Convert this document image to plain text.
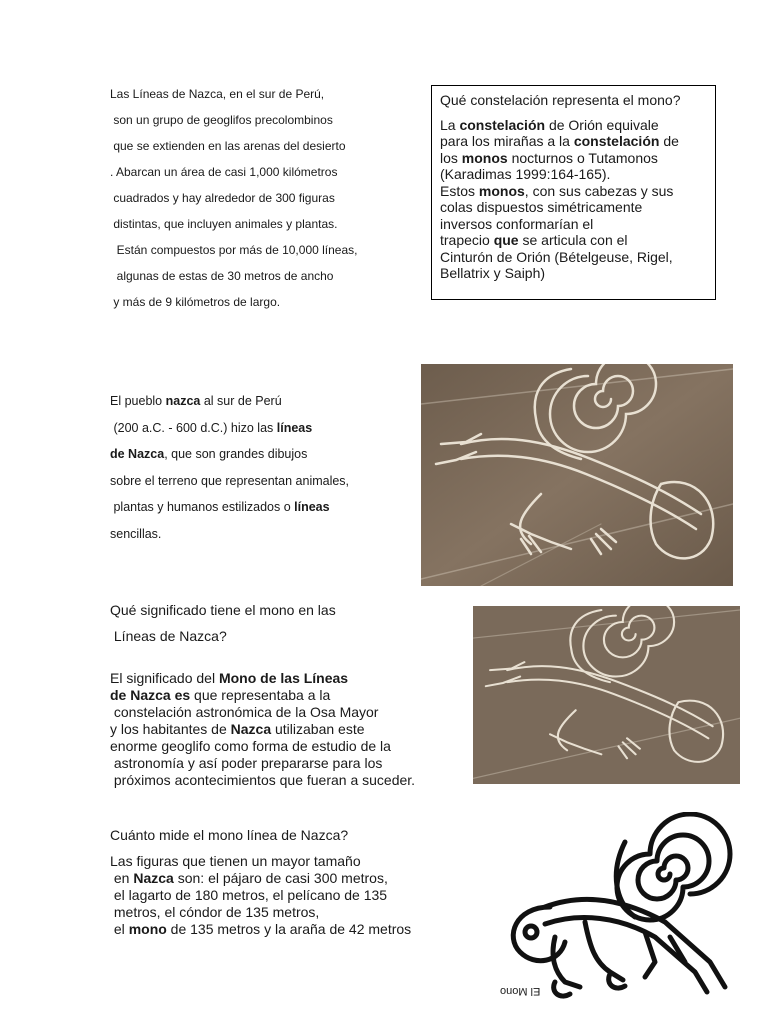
Las Líneas de Nazca, en el sur de Perú,
son un grupo de geoglifos precolombinos
que se extienden en las arenas del desierto
. Abarcan un área de casi 1,000 kilómetros
cuadrados y hay alrededor de 300 figuras
distintas, que incluyen animales y plantas.
Están compuestos por más de 10,000 líneas,
algunas de estas de 30 metros de ancho
y más de 9 kilómetros de largo.
Qué constelación representa el mono?
La constelación de Orión equivale
para los mirañas a la constelación de
los monos nocturnos o Tutamonos
(Karadimas 1999:164-165).
Estos monos, con sus cabezas y sus
colas dispuestos simétricamente
inversos conformarían el
trapecio que se articula con el
Cinturón de Orión (Bételgeuse, Rigel,
Bellatrix y Saiph)
El pueblo nazca al sur de Perú
(200 a.C. - 600 d.C.) hizo las líneas
de Nazca, que son grandes dibujos
sobre el terreno que representan animales,
plantas y humanos estilizados o líneas
sencillas.
Qué significado tiene el mono en las
Líneas de Nazca?
El significado del Mono de las Líneas
de Nazca es que representaba a la
constelación astronómica de la Osa Mayor
y los habitantes de Nazca utilizaban este
enorme geoglifo como forma de estudio de la
astronomía y así poder prepararse para los
próximos acontecimientos que fueran a suceder.
Cuánto mide el mono línea de Nazca?
Las figuras que tienen un mayor tamaño
en Nazca son: el pájaro de casi 300 metros,
el lagarto de 180 metros, el pelícano de 135
metros, el cóndor de 135 metros,
el mono de 135 metros y la araña de 42 metros
El Mono
